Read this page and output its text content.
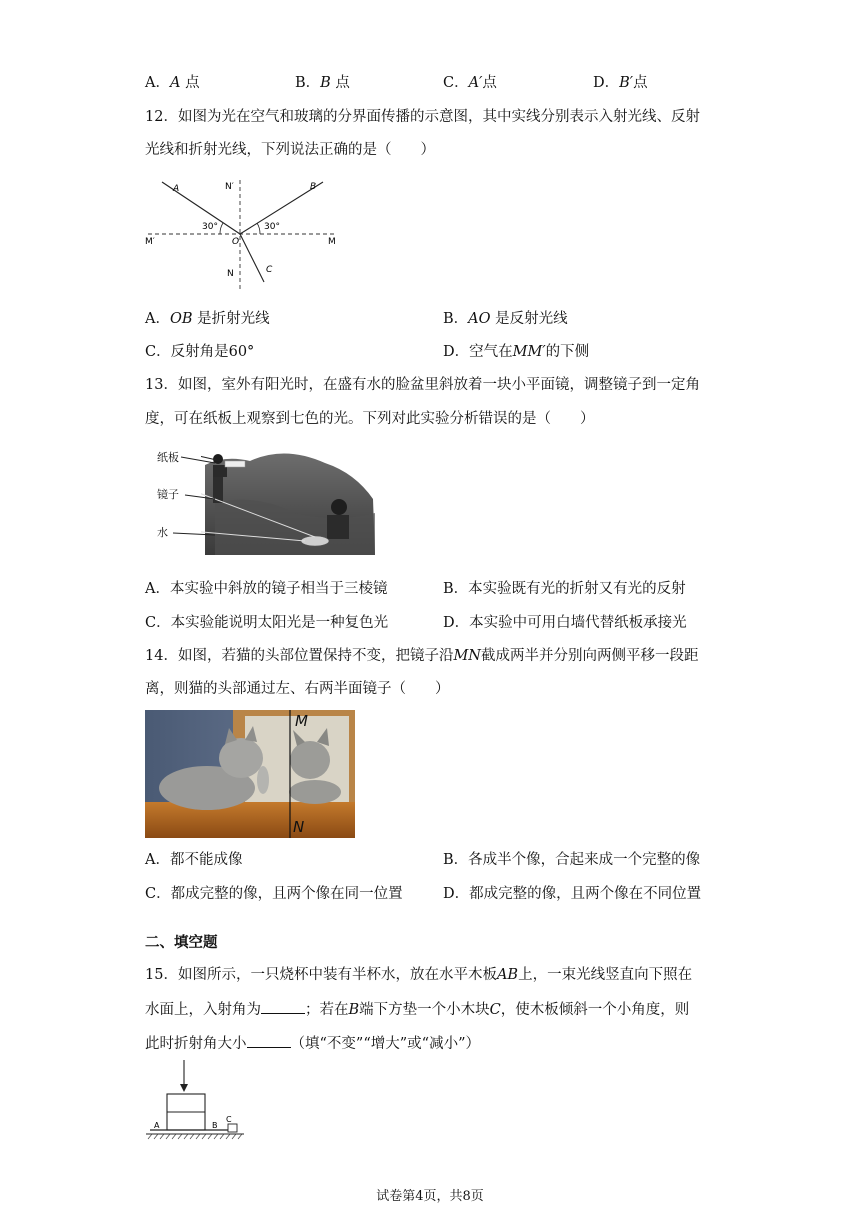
A．A 点	B．B 点	C．A′点	D．B′点
12．如图为光在空气和玻璃的分界面传播的示意图，其中实线分别表示入射光线、反射
光线和折射光线，下列说法正确的是（　　）
A	B
C
N′
N
M′	M
O
30°	30°
A．OB 是折射光线	B．AO 是反射光线
C．反射角是60°	D．空气在MM′的下侧
13．如图，室外有阳光时，在盛有水的脸盆里斜放着一块小平面镜，调整镜子到一定角
度，可在纸板上观察到七色的光。下列对此实验分析错误的是（　　）
纸板
镜子
水
A．本实验中斜放的镜子相当于三棱镜	B．本实验既有光的折射又有光的反射
C．本实验能说明太阳光是一种复色光	D．本实验中可用白墙代替纸板承接光
14．如图，若猫的头部位置保持不变，把镜子沿MN截成两半并分别向两侧平移一段距
离，则猫的头部通过左、右两半面镜子（　　）
M
N
A．都不能成像	B．各成半个像，合起来成一个完整的像
C．都成完整的像，且两个像在同一位置	D．都成完整的像，且两个像在不同位置
二、填空题
15．如图所示，一只烧杯中装有半杯水，放在水平木板AB上，一束光线竖直向下照在
水面上，入射角为	；若在B端下方垫一个小木块C，使木板倾斜一个小角度，则
此时折射角大小	（填“不变”“增大”或“减小”）
A	B
C
试卷第4页，共8页
